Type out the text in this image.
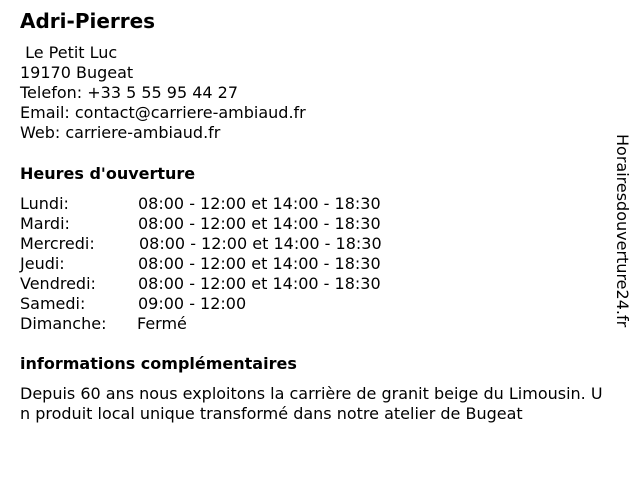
Adri-Pierres
Le Petit Luc
19170 Bugeat
Telefon: +33 5 55 95 44 27
Email: contact@carriere-ambiaud.fr
Web: carriere-ambiaud.fr
Heures d'ouverture
Lundi:	08:00 - 12:00 et 14:00 - 18:30
Mardi:	08:00 - 12:00 et 14:00 - 18:30
Mercredi:	08:00 - 12:00 et 14:00 - 18:30
Jeudi:	08:00 - 12:00 et 14:00 - 18:30
Vendredi:	08:00 - 12:00 et 14:00 - 18:30
Samedi:	09:00 - 12:00
Dimanche: Fermé
informations complémentaires
Depuis 60 ans nous exploitons la carrière de granit beige du Limousin. Un produit local unique transformé dans notre atelier de Bugeat
Horairesdouverture24.fr
